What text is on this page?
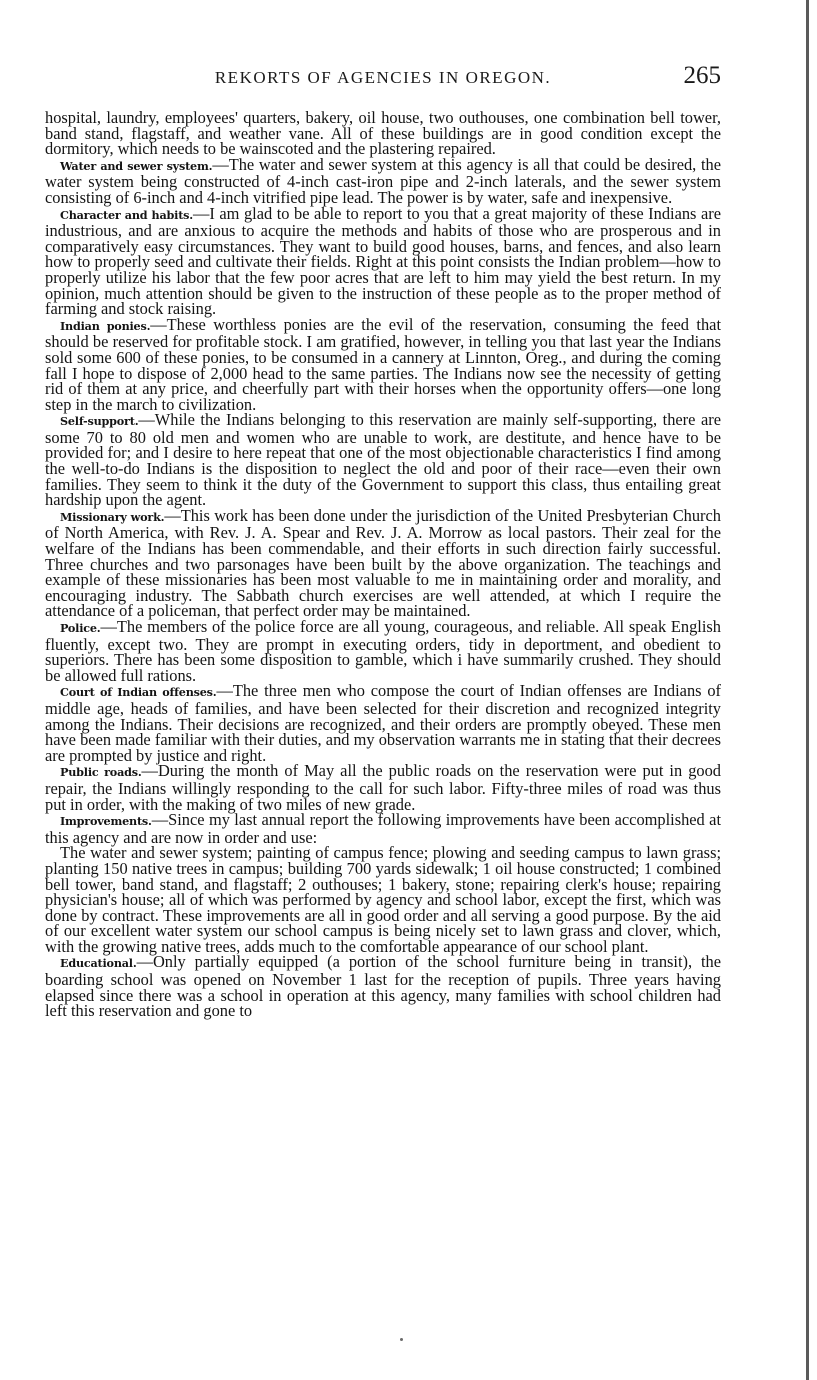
REKORTS OF AGENCIES IN OREGON.	265

hospital, laundry, employees' quarters, bakery, oil house, two outhouses, one combination bell tower, band stand, flagstaff, and weather vane. All of these buildings are in good condition except the dormitory, which needs to be wainscoted and the plastering repaired.

Water and sewer system.—The water and sewer system at this agency is all that could be desired, the water system being constructed of 4-inch cast-iron pipe and 2-inch laterals, and the sewer system consisting of 6-inch and 4-inch vitrified pipe lead. The power is by water, safe and inexpensive.

Character and habits.—I am glad to be able to report to you that a great majority of these Indians are industrious, and are anxious to acquire the methods and habits of those who are prosperous and in comparatively easy circumstances. They want to build good houses, barns, and fences, and also learn how to properly seed and cultivate their fields. Right at this point consists the Indian problem—how to properly utilize his labor that the few poor acres that are left to him may yield the best return. In my opinion, much attention should be given to the instruction of these people as to the proper method of farming and stock raising.

Indian ponies.—These worthless ponies are the evil of the reservation, consuming the feed that should be reserved for profitable stock. I am gratified, however, in telling you that last year the Indians sold some 600 of these ponies, to be consumed in a cannery at Linnton, Oreg., and during the coming fall I hope to dispose of 2,000 head to the same parties. The Indians now see the necessity of getting rid of them at any price, and cheerfully part with their horses when the opportunity offers—one long step in the march to civilization.

Self-support.—While the Indians belonging to this reservation are mainly self-supporting, there are some 70 to 80 old men and women who are unable to work, are destitute, and hence have to be provided for; and I desire to here repeat that one of the most objectionable characteristics I find among the well-to-do Indians is the disposition to neglect the old and poor of their race—even their own families. They seem to think it the duty of the Government to support this class, thus entailing great hardship upon the agent.

Missionary work.—This work has been done under the jurisdiction of the United Presbyterian Church of North America, with Rev. J. A. Spear and Rev. J. A. Morrow as local pastors. Their zeal for the welfare of the Indians has been commendable, and their efforts in such direction fairly successful. Three churches and two parsonages have been built by the above organization. The teachings and example of these missionaries has been most valuable to me in maintaining order and morality, and encouraging industry. The Sabbath church exercises are well attended, at which I require the attendance of a policeman, that perfect order may be maintained.

Police.—The members of the police force are all young, courageous, and reliable. All speak English fluently, except two. They are prompt in executing orders, tidy in deportment, and obedient to superiors. There has been some disposition to gamble, which i have summarily crushed. They should be allowed full rations.

Court of Indian offenses.—The three men who compose the court of Indian offenses are Indians of middle age, heads of families, and have been selected for their discretion and recognized integrity among the Indians. Their decisions are recognized, and their orders are promptly obeyed. These men have been made familiar with their duties, and my observation warrants me in stating that their decrees are prompted by justice and right.

Public roads.—During the month of May all the public roads on the reservation were put in good repair, the Indians willingly responding to the call for such labor. Fifty-three miles of road was thus put in order, with the making of two miles of new grade.

Improvements.—Since my last annual report the following improvements have been accomplished at this agency and are now in order and use:

The water and sewer system; painting of campus fence; plowing and seeding campus to lawn grass; planting 150 native trees in campus; building 700 yards sidewalk; 1 oil house constructed; 1 combined bell tower, band stand, and flagstaff; 2 outhouses; 1 bakery, stone; repairing clerk's house; repairing physician's house; all of which was performed by agency and school labor, except the first, which was done by contract. These improvements are all in good order and all serving a good purpose. By the aid of our excellent water system our school campus is being nicely set to lawn grass and clover, which, with the growing native trees, adds much to the comfortable appearance of our school plant.

Educational.—Only partially equipped (a portion of the school furniture being in transit), the boarding school was opened on November 1 last for the reception of pupils. Three years having elapsed since there was a school in operation at this agency, many families with school children had left this reservation and gone to
